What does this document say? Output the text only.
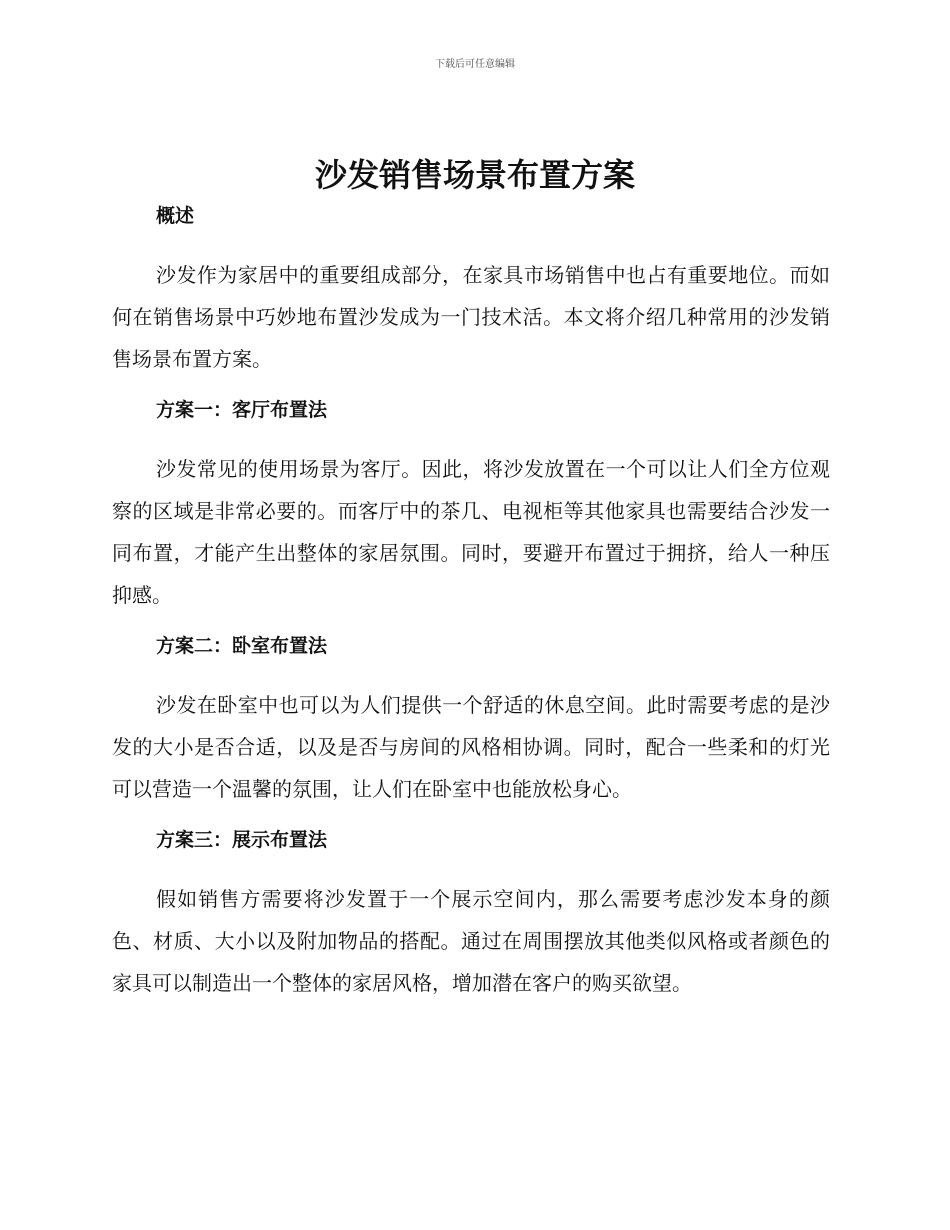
下载后可任意编辑
沙发销售场景布置方案
概述

沙发作为家居中的重要组成部分，在家具市场销售中也占有重要地位。而如何在销售场景中巧妙地布置沙发成为一门技术活。本文将介绍几种常用的沙发销售场景布置方案。

方案一：客厅布置法

沙发常见的使用场景为客厅。因此，将沙发放置在一个可以让人们全方位观察的区域是非常必要的。而客厅中的茶几、电视柜等其他家具也需要结合沙发一同布置，才能产生出整体的家居氛围。同时，要避开布置过于拥挤，给人一种压抑感。

方案二：卧室布置法

沙发在卧室中也可以为人们提供一个舒适的休息空间。此时需要考虑的是沙发的大小是否合适，以及是否与房间的风格相协调。同时，配合一些柔和的灯光可以营造一个温馨的氛围，让人们在卧室中也能放松身心。

方案三：展示布置法

假如销售方需要将沙发置于一个展示空间内，那么需要考虑沙发本身的颜色、材质、大小以及附加物品的搭配。通过在周围摆放其他类似风格或者颜色的家具可以制造出一个整体的家居风格，增加潜在客户的购买欲望。
